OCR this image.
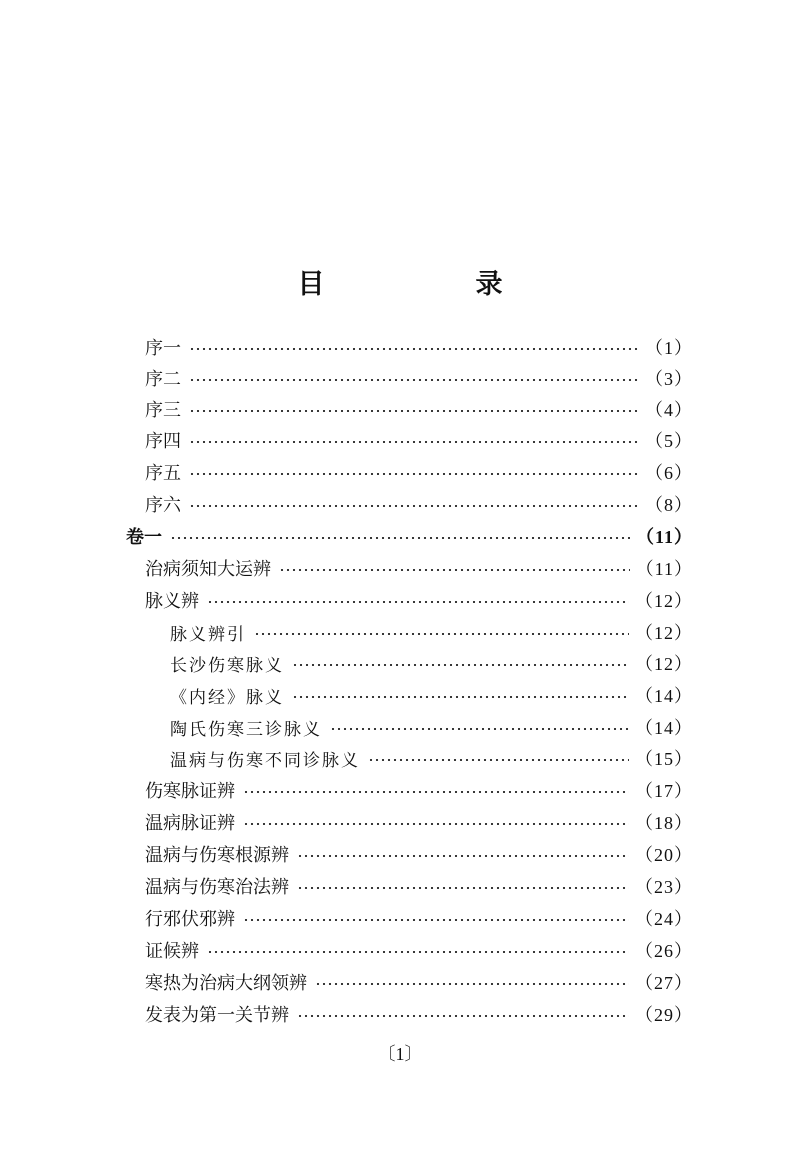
目　录
序一	（1）
序二	（3）
序三	（4）
序四	（5）
序五	（6）
序六	（8）
卷一	（11）
治病须知大运辨	（11）
脉义辨	（12）
脉义辨引	（12）
长沙伤寒脉义	（12）
《内经》脉义	（14）
陶氏伤寒三诊脉义	（14）
温病与伤寒不同诊脉义	（15）
伤寒脉证辨	（17）
温病脉证辨	（18）
温病与伤寒根源辨	（20）
温病与伤寒治法辨	（23）
行邪伏邪辨	（24）
证候辨	（26）
寒热为治病大纲领辨	（27）
发表为第一关节辨	（29）
〔1〕
